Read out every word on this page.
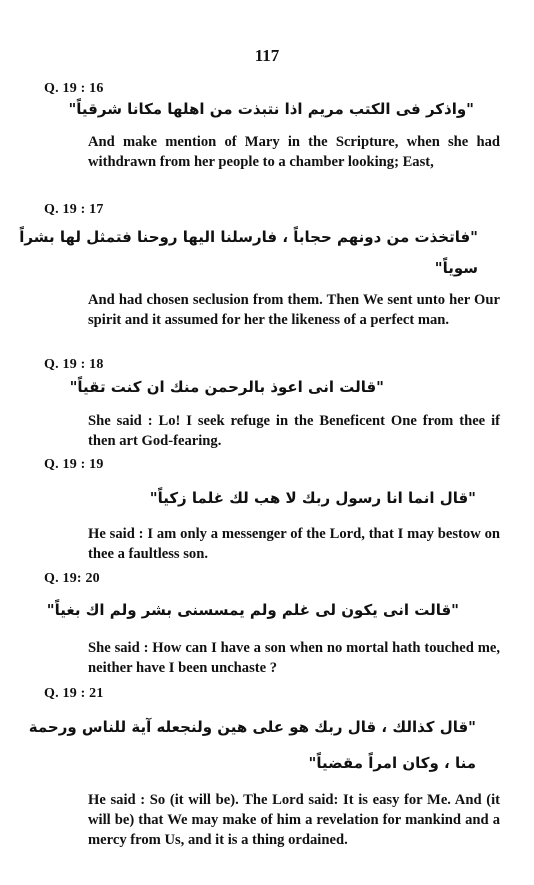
117
Q. 19 : 16
"واذكر فى الكتب مريم اذا نتبذت من اهلها مكانا شرقياً"
And make mention of Mary in the Scripture, when she had withdrawn from her people to a chamber looking; East,
Q. 19 : 17
"فاتخذت من دونهم حجاباً ، فارسلنا اليها روحنا فتمثل لها بشراً
سوياً"
And had chosen seclusion from them. Then We sent unto her Our spirit and it assumed for her the likeness of a perfect man.
Q. 19 : 18
"قالت انى اعوذ بالرحمن منك ان كنت تقياً"
She said : Lo! I seek refuge in the Beneficent One from thee if then art God-fearing.
Q. 19 : 19
"قال انما انا رسول ربك لا هب لك غلما زكياً"
He said : I am only a messenger of the Lord, that I may bestow on thee a faultless son.
Q. 19: 20
"قالت انى يكون لى غلم ولم يمسسنى بشر ولم اك بغياً"
She said : How can I have a son when no mortal hath touched me, neither have I been unchaste ?
Q. 19 : 21
"قال كذالك ، قال ربك هو على هين ولنجعله آية للناس ورحمة
منا ، وكان امراً مقضياً"
He said : So (it will be). The Lord said: It is easy for Me. And (it will be) that We may make of him a revelation for mankind and a mercy from Us, and it is a thing ordained.
